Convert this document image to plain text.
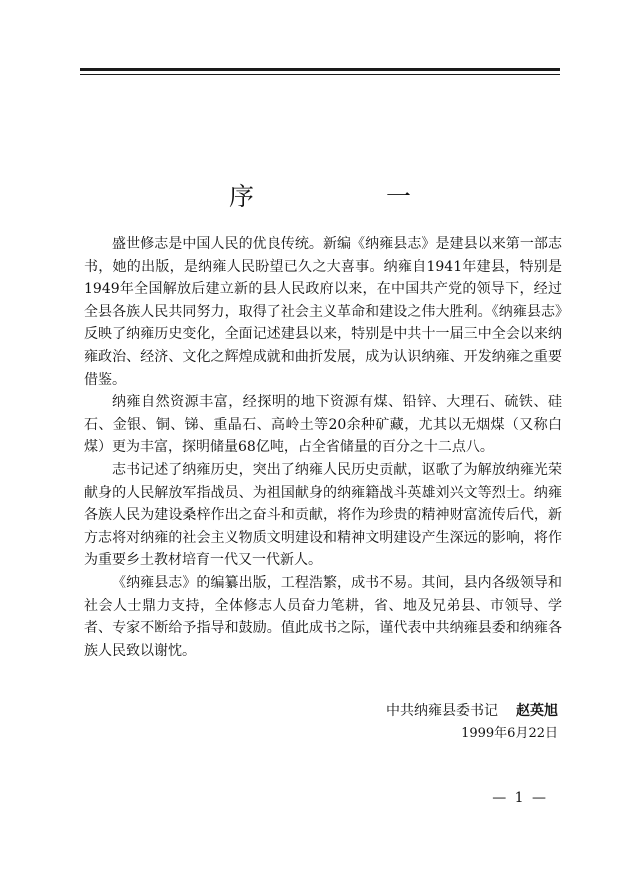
序 一

盛世修志是中国人民的优良传统。新编《纳雍县志》是建县以来第一部志书，她的出版，是纳雍人民盼望已久之大喜事。纳雍自1941年建县，特别是1949年全国解放后建立新的县人民政府以来，在中国共产党的领导下，经过全县各族人民共同努力，取得了社会主义革命和建设之伟大胜利。《纳雍县志》反映了纳雍历史变化，全面记述建县以来，特别是中共十一届三中全会以来纳雍政治、经济、文化之辉煌成就和曲折发展，成为认识纳雍、开发纳雍之重要借鉴。

纳雍自然资源丰富，经探明的地下资源有煤、铅锌、大理石、硫铁、硅石、金银、铜、锑、重晶石、高岭土等20余种矿藏，尤其以无烟煤（又称白煤）更为丰富，探明储量68亿吨，占全省储量的百分之十二点八。

志书记述了纳雍历史，突出了纳雍人民历史贡献，讴歌了为解放纳雍光荣献身的人民解放军指战员、为祖国献身的纳雍籍战斗英雄刘兴文等烈士。纳雍各族人民为建设桑梓作出之奋斗和贡献，将作为珍贵的精神财富流传后代，新方志将对纳雍的社会主义物质文明建设和精神文明建设产生深远的影响，将作为重要乡土教材培育一代又一代新人。

《纳雍县志》的编纂出版，工程浩繁，成书不易。其间，县内各级领导和社会人士鼎力支持，全体修志人员奋力笔耕，省、地及兄弟县、市领导、学者、专家不断给予指导和鼓励。值此成书之际，谨代表中共纳雍县委和纳雍各族人民致以谢忱。

中共纳雍县委书记 赵英旭
1999年6月22日
— 1 —
